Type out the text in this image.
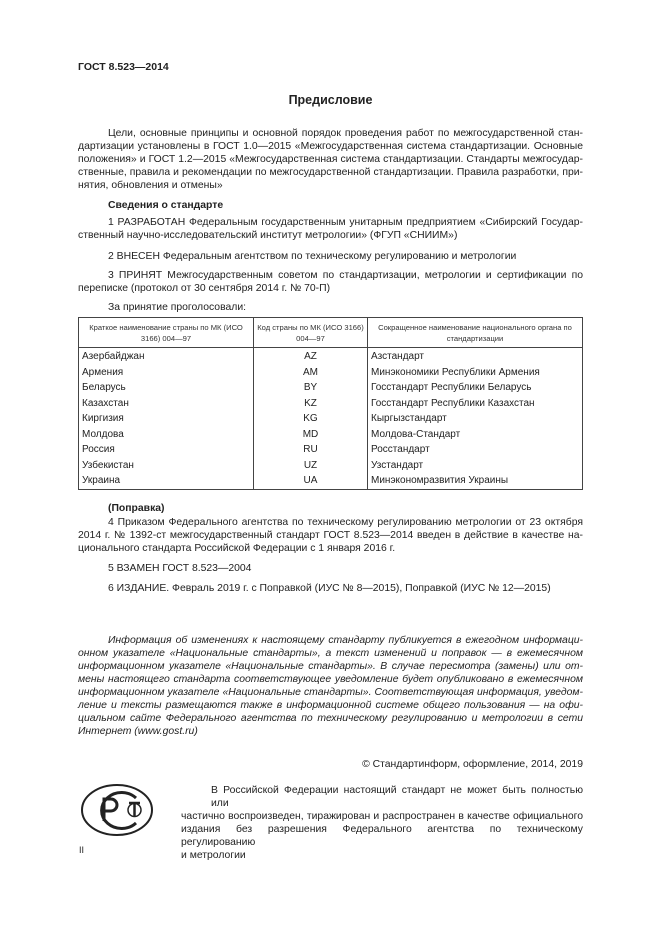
ГОСТ 8.523—2014
Предисловие
Цели, основные принципы и основной порядок проведения работ по межгосударственной стан-
дартизации установлены в ГОСТ 1.0—2015 «Межгосударственная система стандартизации. Основные
положения» и ГОСТ 1.2—2015 «Межгосударственная система стандартизации. Стандарты межгосудар-
ственные, правила и рекомендации по межгосударственной стандартизации. Правила разработки, при-
нятия, обновления и отмены»
Сведения о стандарте
1 РАЗРАБОТАН Федеральным государственным унитарным предприятием «Сибирский Государ-
ственный научно-исследовательский институт метрологии» (ФГУП «СНИИМ»)
2 ВНЕСЕН Федеральным агентством по техническому регулированию и метрологии
3 ПРИНЯТ Межгосударственным советом по стандартизации, метрологии и сертификации по
переписке (протокол от 30 сентября 2014 г. № 70-П)
За принятие проголосовали:
Краткое наименование страны по МК (ИСО 3166) 004—97	Код страны по МК (ИСО 3166) 004—97	Сокращенное наименование национального органа по стандартизации
Азербайджан	AZ	Азстандарт
Армения	AM	Минэкономики Республики Армения
Беларусь	BY	Госстандарт Республики Беларусь
Казахстан	KZ	Госстандарт Республики Казахстан
Киргизия	KG	Кыргызстандарт
Молдова	MD	Молдова-Стандарт
Россия	RU	Росстандарт
Узбекистан	UZ	Узстандарт
Украина	UA	Минэкономразвития Украины
(Поправка)
4 Приказом Федерального агентства по техническому регулированию метрологии от 23 октября
2014 г. № 1392-ст межгосударственный стандарт ГОСТ 8.523—2014 введен в действие в качестве на-
ционального стандарта Российской Федерации с 1 января 2016 г.
5 ВЗАМЕН ГОСТ 8.523—2004
6 ИЗДАНИЕ. Февраль 2019 г. с Поправкой (ИУС № 8—2015), Поправкой (ИУС № 12—2015)
Информация об изменениях к настоящему стандарту публикуется в ежегодном информаци-
онном указателе «Национальные стандарты», а текст изменений и поправок — в ежемесячном
информационном указателе «Национальные стандарты». В случае пересмотра (замены) или от-
мены настоящего стандарта соответствующее уведомление будет опубликовано в ежемесячном
информационном указателе «Национальные стандарты». Соответствующая информация, уведом-
ление и тексты размещаются также в информационной системе общего пользования — на офи-
циальном сайте Федерального агентства по техническому регулированию и метрологии в сети
Интернет (www.gost.ru)
© Стандартинформ, оформление, 2014, 2019
В Российской Федерации настоящий стандарт не может быть полностью или
частично воспроизведен, тиражирован и распространен в качестве официального
издания без разрешения Федерального агентства по техническому регулированию
и метрологии
II
